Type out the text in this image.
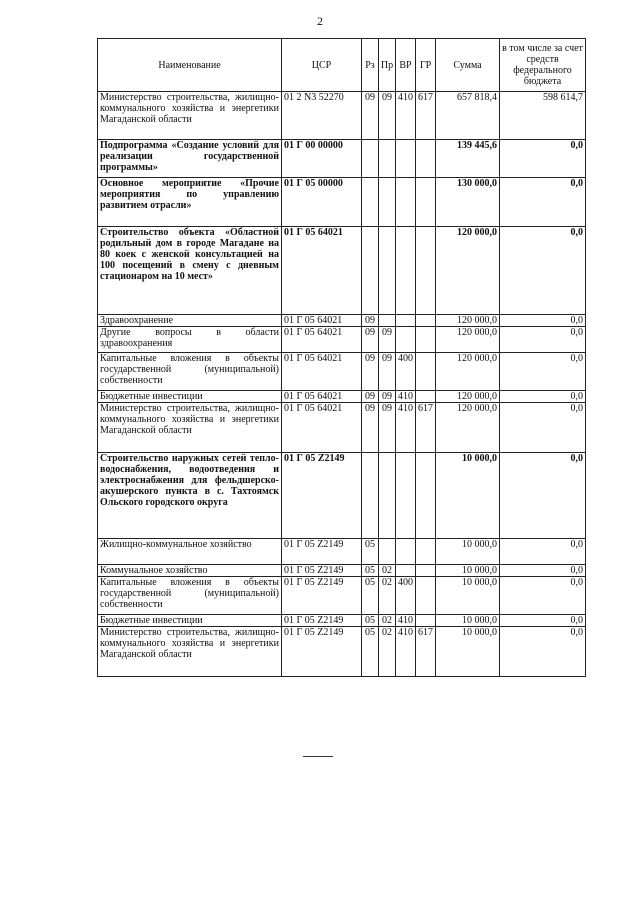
2
Наименование	ЦСР	Рз	Пр	ВР	ГР	Сумма	в том числе за счет средств федерального бюджета
Министерство строительства, жилищно-коммунального хозяйства и энергетики Магаданской области	01 2 N3 52270	09	09	410	617	657 818,4	598 614,7
Подпрограмма «Создание условий для реализации государственной программы»	01 Г 00 00000					139 445,6	0,0
Основное мероприятие «Прочие мероприятия по управлению развитием отрасли»	01 Г 05 00000					130 000,0	0,0
Строительство объекта «Областной родильный дом в городе Магадане на 80 коек с женской консультацией на 100 посещений в смену с дневным стационаром на 10 мест»	01 Г 05 64021					120 000,0	0,0
Здравоохранение	01 Г 05 64021	09				120 000,0	0,0
Другие вопросы в области здравоохранения	01 Г 05 64021	09	09			120 000,0	0,0
Капитальные вложения в объекты государственной (муниципальной) собственности	01 Г 05 64021	09	09	400		120 000,0	0,0
Бюджетные инвестиции	01 Г 05 64021	09	09	410		120 000,0	0,0
Министерство строительства, жилищно-коммунального хозяйства и энергетики Магаданской области	01 Г 05 64021	09	09	410	617	120 000,0	0,0
Строительство наружных сетей тепло-водоснабжения, водоотведения и электроснабжения для фельдшерско-акушерского пункта в с. Тахтоямск Ольского городского округа	01 Г 05 Z2149					10 000,0	0,0
Жилищно-коммунальное хозяйство	01 Г 05 Z2149	05				10 000,0	0,0
Коммунальное хозяйство	01 Г 05 Z2149	05	02			10 000,0	0,0
Капитальные вложения в объекты государственной (муниципальной) собственности	01 Г 05 Z2149	05	02	400		10 000,0	0,0
Бюджетные инвестиции	01 Г 05 Z2149	05	02	410		10 000,0	0,0
Министерство строительства, жилищно-коммунального хозяйства и энергетики Магаданской области	01 Г 05 Z2149	05	02	410	617	10 000,0	0,0
